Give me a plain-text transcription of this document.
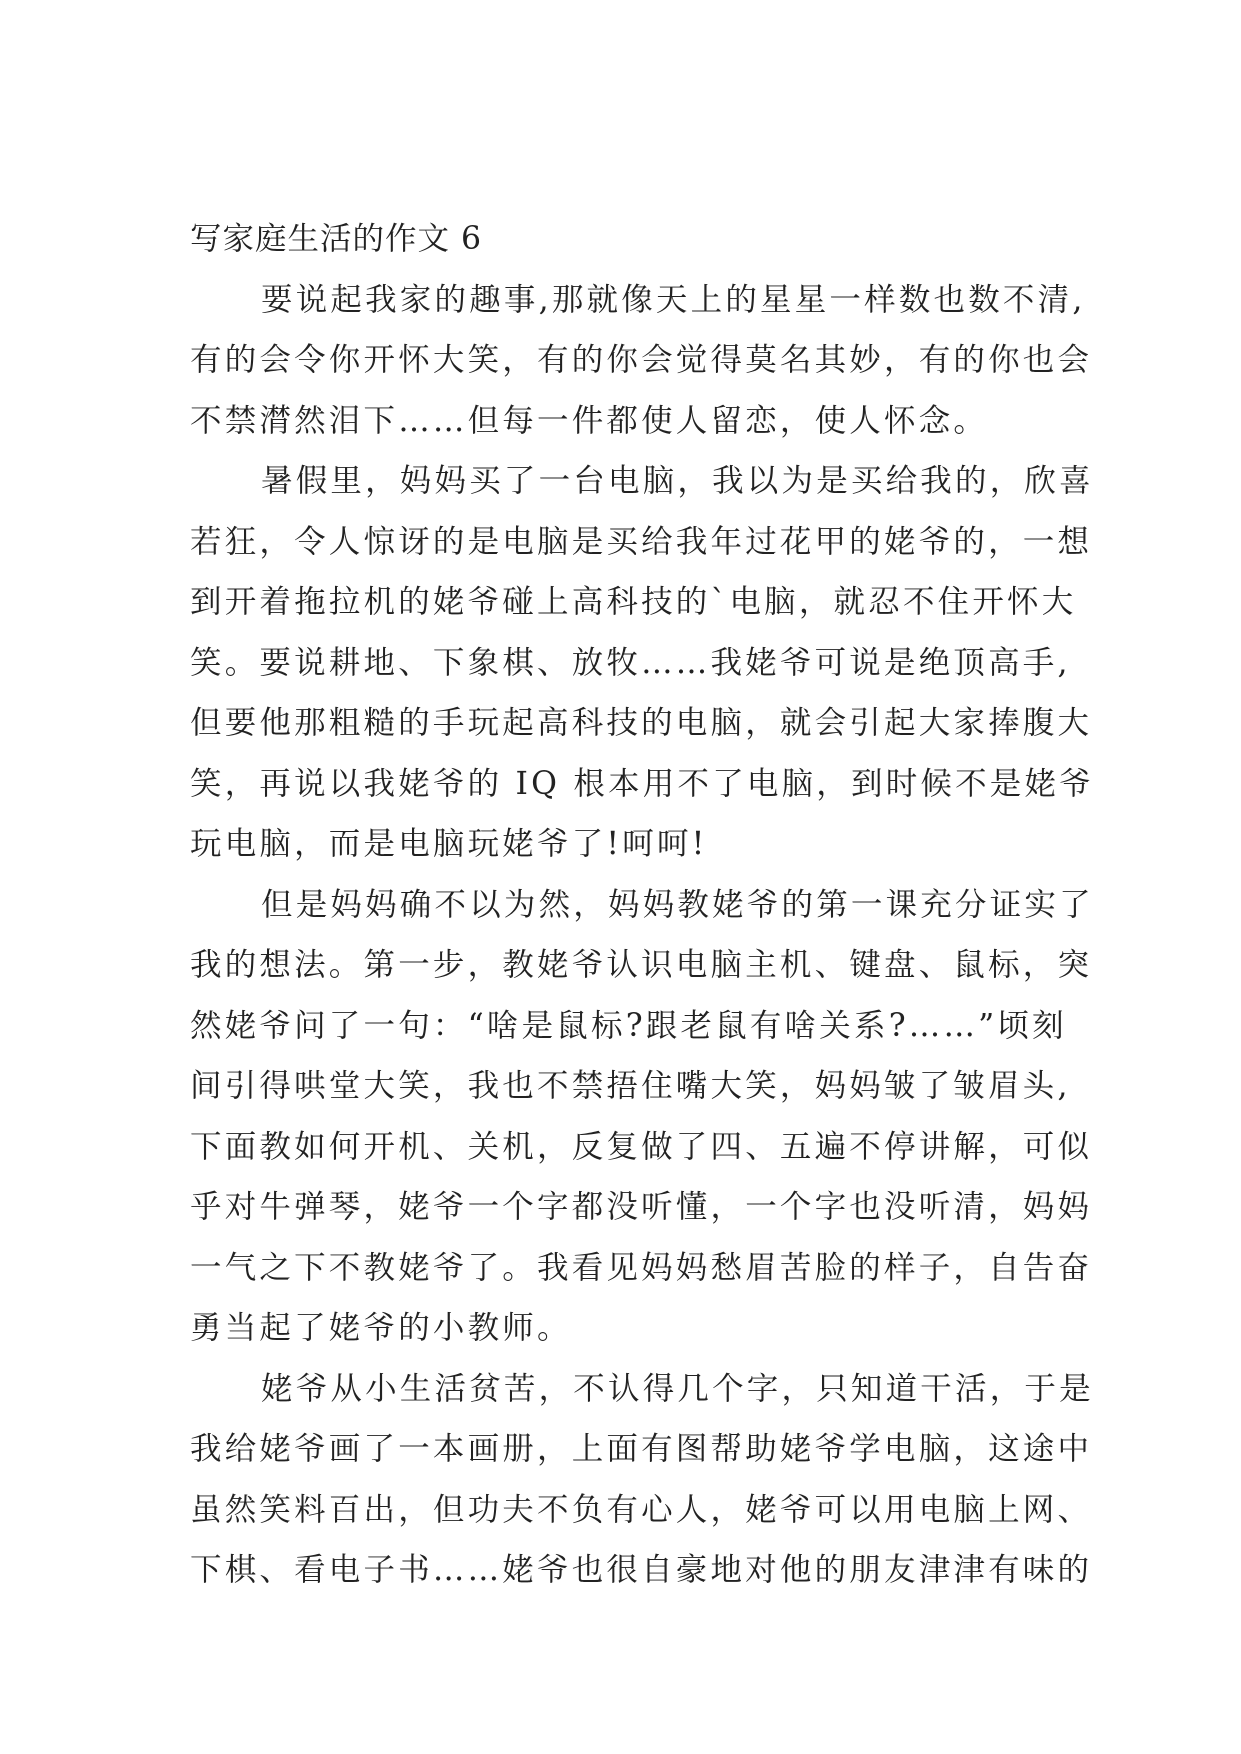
写家庭生活的作文 6
要说起我家的趣事,那就像天上的星星一样数也数不清,
有的会令你开怀大笑，有的你会觉得莫名其妙，有的你也会
不禁潸然泪下……但每一件都使人留恋，使人怀念。
暑假里，妈妈买了一台电脑，我以为是买给我的，欣喜
若狂，令人惊讶的是电脑是买给我年过花甲的姥爷的，一想
到开着拖拉机的姥爷碰上高科技的`电脑，就忍不住开怀大
笑。要说耕地、下象棋、放牧……我姥爷可说是绝顶高手,
但要他那粗糙的手玩起高科技的电脑，就会引起大家捧腹大
笑，再说以我姥爷的 IQ 根本用不了电脑，到时候不是姥爷
玩电脑，而是电脑玩姥爷了!呵呵!
但是妈妈确不以为然，妈妈教姥爷的第一课充分证实了
我的想法。第一步，教姥爷认识电脑主机、键盘、鼠标，突
然姥爷问了一句：“啥是鼠标?跟老鼠有啥关系?……”顷刻
间引得哄堂大笑，我也不禁捂住嘴大笑，妈妈皱了皱眉头,
下面教如何开机、关机，反复做了四、五遍不停讲解，可似
乎对牛弹琴，姥爷一个字都没听懂，一个字也没听清，妈妈
一气之下不教姥爷了。我看见妈妈愁眉苦脸的样子，自告奋
勇当起了姥爷的小教师。
姥爷从小生活贫苦，不认得几个字，只知道干活，于是
我给姥爷画了一本画册，上面有图帮助姥爷学电脑，这途中
虽然笑料百出，但功夫不负有心人，姥爷可以用电脑上网、
下棋、看电子书……姥爷也很自豪地对他的朋友津津有味的
